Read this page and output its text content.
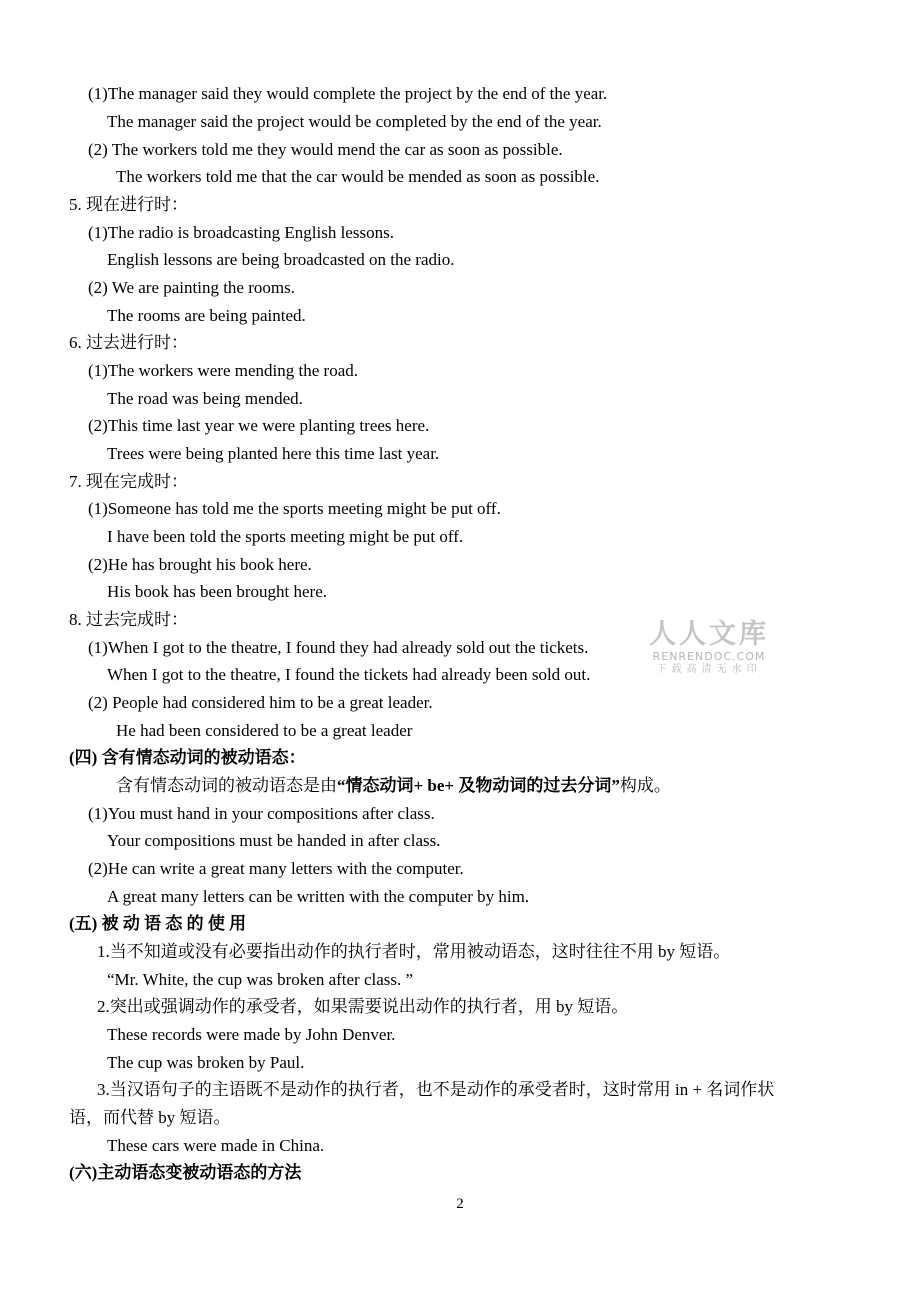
(1)The manager said they would complete the project by the end of the year.
The manager said the project would be completed by the end of the year.
(2) The workers told me they would mend the car as soon as possible.
The workers told me that the car would be mended as soon as possible.
5. 现在进行时：
(1)The radio is broadcasting English lessons.
English lessons are being broadcasted on the radio.
(2) We are painting the rooms.
The rooms are being painted.
6. 过去进行时：
(1)The workers were mending the road.
The road was being mended.
(2)This time last year we were planting trees here.
Trees were being planted here this time last year.
7. 现在完成时：
(1)Someone has told me the sports meeting might be put off.
I have been told the sports meeting might be put off.
(2)He has brought his book here.
His book has been brought here.
8. 过去完成时：
(1)When I got to the theatre, I found they had already sold out the tickets.
When I got to the theatre, I found the tickets had already been sold out.
(2) People had considered him to be a great leader.
He had been considered to be a great leader
(四) 含有情态动词的被动语态：
含有情态动词的被动语态是由“情态动词+ be+ 及物动词的过去分词”构成。
(1)You must hand in your compositions after class.
Your compositions must be handed in after class.
(2)He can write a great many letters with the computer.
A great many letters can be written with the computer by him.
(五) 被 动 语 态 的 使 用
1.当不知道或没有必要指出动作的执行者时，常用被动语态，这时往往不用 by 短语。
“Mr. White, the cup was broken after class. ”
2.突出或强调动作的承受者，如果需要说出动作的执行者，用 by 短语。
These records were made by John Denver.
The cup was broken by Paul.
3.当汉语句子的主语既不是动作的执行者，也不是动作的承受者时，这时常用 in + 名词作状
语，而代替 by 短语。
These cars were made in China.
(六)主动语态变被动语态的方法
人人文库
RENRENDOC.COM
下载高清无水印
2
